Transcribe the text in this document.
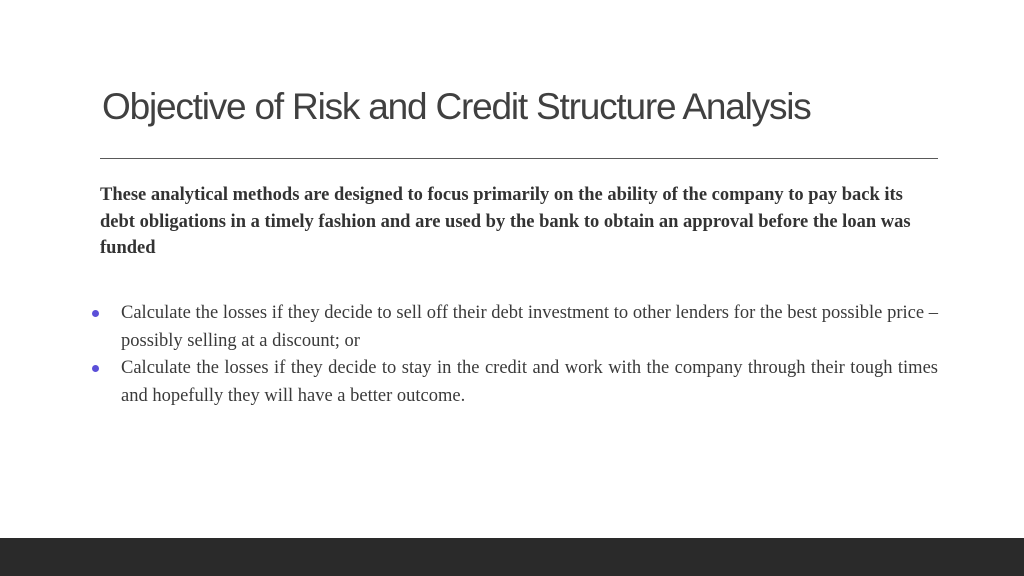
Objective of Risk and Credit Structure Analysis

These analytical methods are designed to focus primarily on the ability of the company to pay back its debt obligations in a timely fashion and are used by the bank to obtain an approval before the loan was funded

Calculate the losses if they decide to sell off their debt investment to other lenders for the best possible price – possibly selling at a discount; or
Calculate the losses if they decide to stay in the credit and work with the company through their tough times and hopefully they will have a better outcome.
